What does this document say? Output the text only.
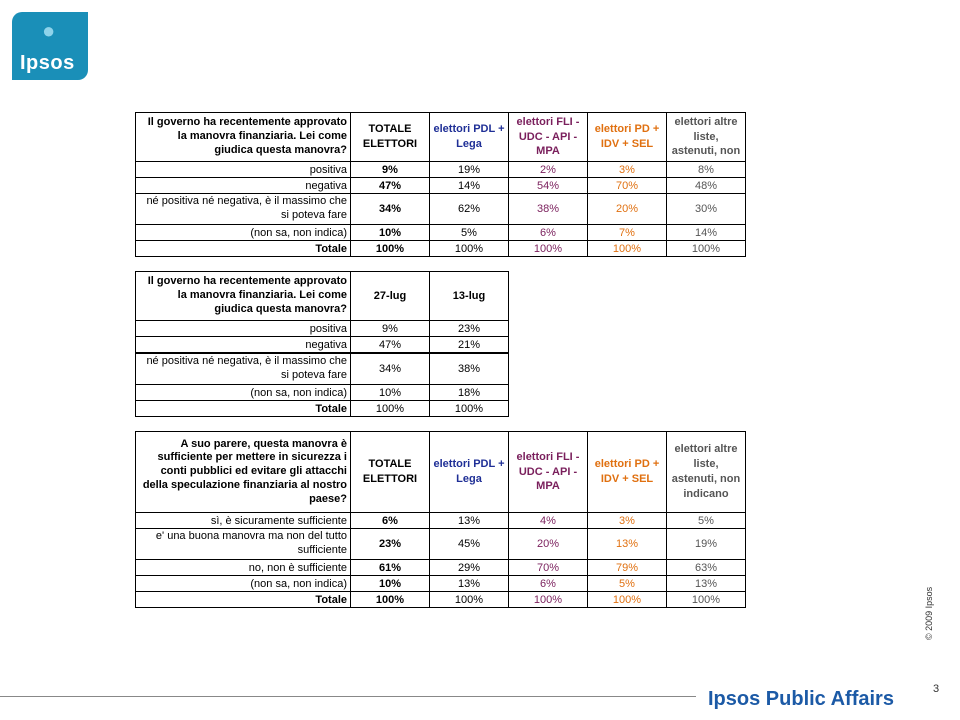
●
Ipsos
Il governo ha recentemente approvato la manovra finanziaria. Lei come giudica questa manovra?	TOTALE ELETTORI	elettori PDL + Lega	elettori FLI - UDC - API - MPA	elettori PD + IDV + SEL	elettori altre liste, astenuti, non
positiva	9%	19%	2%	3%	8%
negativa	47%	14%	54%	70%	48%
né positiva né negativa, è il massimo che si poteva fare	34%	62%	38%	20%	30%
(non sa, non indica)	10%	5%	6%	7%	14%
Totale	100%	100%	100%	100%	100%
Il governo ha recentemente approvato la manovra finanziaria. Lei come giudica questa manovra?	27-lug	13-lug
positiva	9%	23%
negativa	47%	21%
né positiva né negativa, è il massimo che si poteva fare	34%	38%
(non sa, non indica)	10%	18%
Totale	100%	100%
A suo parere, questa manovra è sufficiente per mettere in sicurezza i conti pubblici ed evitare gli attacchi della speculazione finanziaria al nostro paese?	TOTALE ELETTORI	elettori PDL + Lega	elettori FLI - UDC - API - MPA	elettori PD + IDV + SEL	elettori altre liste, astenuti, non indicano
sì, è sicuramente sufficiente	6%	13%	4%	3%	5%
e' una buona manovra ma non del tutto sufficiente	23%	45%	20%	13%	19%
no, non è sufficiente	61%	29%	70%	79%	63%
(non sa, non indica)	10%	13%	6%	5%	13%
Totale	100%	100%	100%	100%	100%	© 2009 Ipsos
3
Ipsos Public Affairs
